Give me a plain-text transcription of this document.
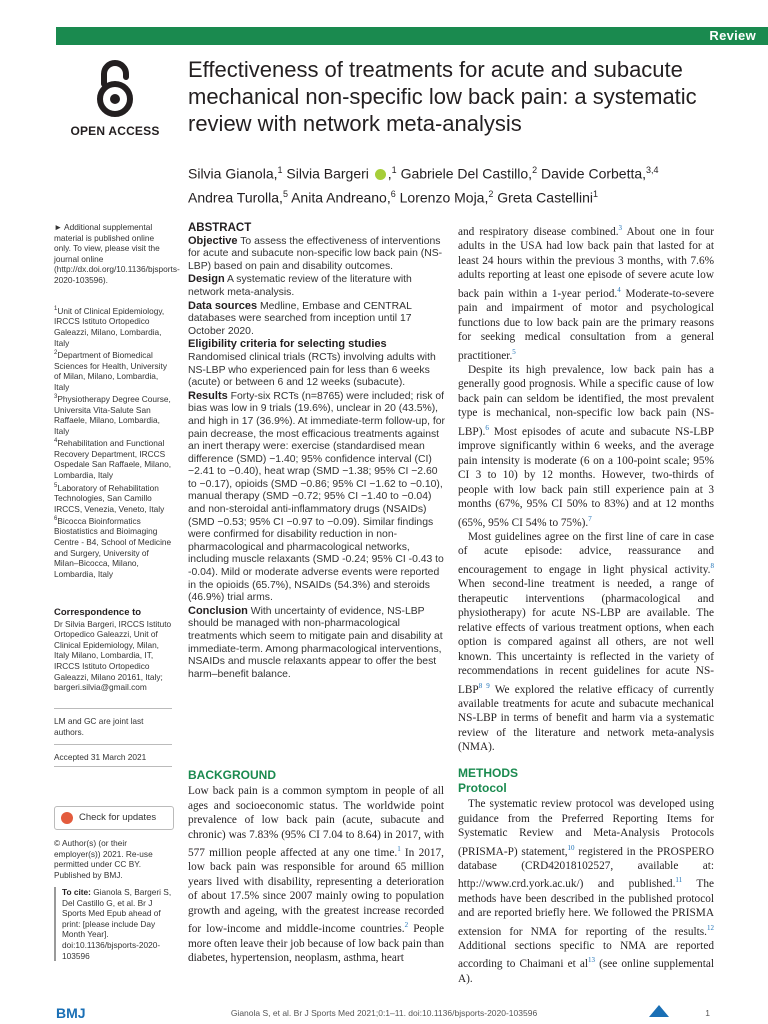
Review
OPEN ACCESS
Effectiveness of treatments for acute and subacute mechanical non-specific low back pain: a systematic review with network meta-analysis
Silvia Gianola,$^1$ Silvia Bargeri ,$^1$ Gabriele Del Castillo,$^2$ Davide Corbetta,$^{3,4}$
Andrea Turolla,$^5$ Anita Andreano,$^6$ Lorenzo Moja,$^2$ Greta Castellini$^1$
► Additional supplemental material is published online only. To view, please visit the journal online (http://dx.doi.org/10.1136/bjsports-2020-103596).
$^1$Unit of Clinical Epidemiology, IRCCS Istituto Ortopedico Galeazzi, Milano, Lombardia, Italy
$^2$Department of Biomedical Sciences for Health, University of Milan, Milano, Lombardia, Italy
$^3$Physiotherapy Degree Course, Universita Vita-Salute San Raffaele, Milano, Lombardia, Italy
$^4$Rehabilitation and Functional Recovery Department, IRCCS Ospedale San Raffaele, Milano, Lombardia, Italy
$^5$Laboratory of Rehabilitation Technologies, San Camillo IRCCS, Venezia, Veneto, Italy
$^6$Bicocca Bioinformatics Biostatistics and Bioimaging Centre - B4, School of Medicine and Surgery, University of Milan–Bicocca, Milano, Lombardia, Italy
Correspondence to
Dr Silvia Bargeri, IRCCS Istituto Ortopedico Galeazzi, Unit of Clinical Epidemiology, Milan, Italy Milano, Lombardia, IT, IRCCS Istituto Ortopedico Galeazzi, Milano 20161, Italy; bargeri.silvia@gmail.com
LM and GC are joint last authors.
Accepted 31 March 2021
Check for updates
© Author(s) (or their employer(s)) 2021. Re-use permitted under CC BY. Published by BMJ.
To cite: Gianola S, Bargeri S, Del Castillo G, et al. Br J Sports Med Epub ahead of print: [please include Day Month Year]. doi:10.1136/bjsports-2020-103596
ABSTRACT
Objective To assess the effectiveness of interventions for acute and subacute non-specific low back pain (NS-LBP) based on pain and disability outcomes.
Design A systematic review of the literature with network meta-analysis.
Data sources Medline, Embase and CENTRAL databases were searched from inception until 17 October 2020.
Eligibility criteria for selecting studies Randomised clinical trials (RCTs) involving adults with NS-LBP who experienced pain for less than 6 weeks (acute) or between 6 and 12 weeks (subacute).
Results Forty-six RCTs (n=8765) were included; risk of bias was low in 9 trials (19.6%), unclear in 20 (43.5%), and high in 17 (36.9%). At immediate-term follow-up, for pain decrease, the most efficacious treatments against an inert therapy were: exercise (standardised mean difference (SMD) −1.40; 95% confidence interval (CI) −2.41 to −0.40), heat wrap (SMD −1.38; 95% CI −2.60 to −0.17), opioids (SMD −0.86; 95% CI −1.62 to −0.10), manual therapy (SMD −0.72; 95% CI −1.40 to −0.04) and non-steroidal anti-inflammatory drugs (NSAIDs) (SMD −0.53; 95% CI −0.97 to −0.09). Similar findings were confirmed for disability reduction in non-pharmacological and pharmacological networks, including muscle relaxants (SMD -0.24; 95% CI -0.43 to -0.04). Mild or moderate adverse events were reported in the opioids (65.7%), NSAIDs (54.3%) and steroids (46.9%) trial arms.
Conclusion With uncertainty of evidence, NS-LBP should be managed with non-pharmacological treatments which seem to mitigate pain and disability at immediate-term. Among pharmacological interventions, NSAIDs and muscle relaxants appear to offer the best harm–benefit balance.

and respiratory disease combined.$^3$ About one in four adults in the USA had low back pain that lasted for at least 24 hours within the previous 3 months, with 7.6% adults reporting at least one episode of severe acute low back pain within a 1-year period.$^4$ Moderate-to-severe pain and impairment of motor and psychological functions due to low back pain are the primary reasons for seeking medical consultation from a general practitioner.$^5$

Despite its high prevalence, low back pain has a generally good prognosis. While a specific cause of low back pain can seldom be identified, the most prevalent type is mechanical, non-specific low back pain (NS-LBP).$^6$ Most episodes of acute and subacute NS-LBP improve significantly within 6 weeks, and the average pain intensity is moderate (6 on a 100-point scale; 95% CI 3 to 10) by 12 months. However, two-thirds of people with low back pain still experience pain at 3 months (67%, 95% CI 50% to 83%) and at 12 months (65%, 95% CI 54% to 75%).$^7$

Most guidelines agree on the first line of care in case of acute episode: advice, reassurance and encouragement to engage in light physical activity.$^8$ When second-line treatment is needed, a range of therapeutic interventions (pharmacological and physiotherapy) for acute NS-LBP are available. The relative effects of various treatment options, when each option is compared against all others, are not well known. This uncertainty is reflected in the variety of recommendations in recent guidelines for acute $NS-LBP^{8 9}$ We explored the relative efficacy of currently available treatments for acute and subacute mechanical NS-LBP in terms of benefit and harm via a systematic review of the literature and network meta-analysis (NMA).

BACKGROUND

Low back pain is a common symptom in people of all ages and socioeconomic status. The worldwide point prevalence of low back pain (acute, subacute and chronic) was 7.83% (95% CI 7.04 to 8.64) in 2017, with 577 million people affected at any one time.$^1$ In 2017, low back pain was responsible for around 65 million years lived with disability, representing a deterioration of about 17.5% since 2007 mainly owing to population growth and ageing, with the greatest increase recorded for low-income and middle-income countries.$^2$ People more often leave their job because of low back pain than diabetes, hypertension, neoplasm, asthma, heart

METHODS
Protocol

The systematic review protocol was developed using guidance from the Preferred Reporting Items for Systematic Review and Meta-Analysis Protocols (PRISMA-P) statement,$^{10}$ registered in the PROSPERO database (CRD42018102527, available at: http://www.crd.york.ac.uk/) and published.$^{11}$ The methods have been described in the published protocol and are reported briefly here. We followed the PRISMA extension for NMA for reporting of the results.$^{12}$ Additional sections specific to NMA are reported according to Chaimani et $al^{13}$ (see online supplemental A).

BMJ	Gianola S, et al. Br J Sports Med 2021;0:1–11. doi:10.1136/bjsports-2020-103596	1
